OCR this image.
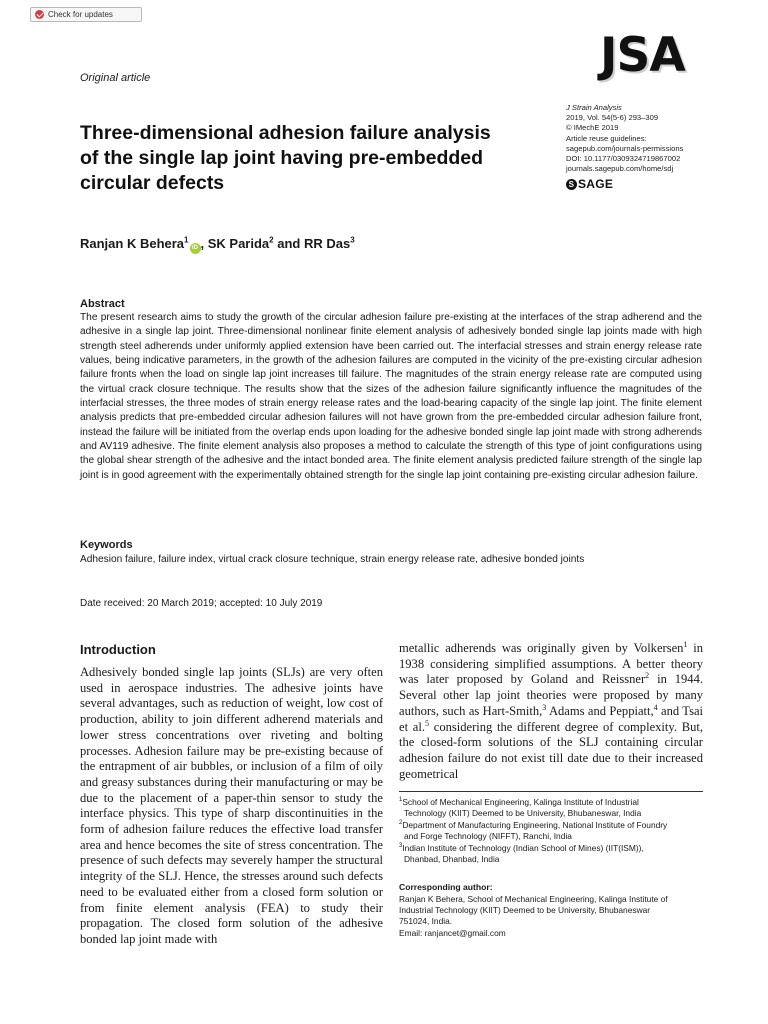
Check for updates
Original article	JSA
J Strain Analysis
2019, Vol. 54(5-6) 293–309
© IMechE 2019
Article reuse guidelines:
sagepub.com/journals-permissions
DOI: 10.1177/0309324719867002
journals.sagepub.com/home/sdj
S SAGE
Three-dimensional adhesion failure analysis of the single lap joint having pre-embedded circular defects
Ranjan K Behera$^1$iD , SK Parida$^2$ and RR Das$^3$
Abstract

The present research aims to study the growth of the circular adhesion failure pre-existing at the interfaces of the strap adherend and the adhesive in a single lap joint. Three-dimensional nonlinear finite element analysis of adhesively bonded single lap joints made with high strength steel adherends under uniformly applied extension have been carried out. The interfacial stresses and strain energy release rate values, being indicative parameters, in the growth of the adhesion failures are computed in the vicinity of the pre-existing circular adhesion failure fronts when the load on single lap joint increases till failure. The magnitudes of the strain energy release rate are computed using the virtual crack closure technique. The results show that the sizes of the adhesion failure significantly influence the magnitudes of the interfacial stresses, the three modes of strain energy release rates and the load-bearing capacity of the single lap joint. The finite element analysis predicts that pre-embedded circular adhesion failures will not have grown from the pre-embedded circular adhesion failure front, instead the failure will be initiated from the overlap ends upon loading for the adhesive bonded single lap joint made with strong adherends and AV119 adhesive. The finite element analysis also proposes a method to calculate the strength of this type of joint configurations using the global shear strength of the adhesive and the intact bonded area. The finite element analysis predicted failure strength of the single lap joint is in good agreement with the experimentally obtained strength for the single lap joint containing pre-existing circular adhesion failure.

Keywords
Adhesion failure, failure index, virtual crack closure technique, strain energy release rate, adhesive bonded joints
Date received: 20 March 2019; accepted: 10 July 2019
Introduction

Adhesively bonded single lap joints (SLJs) are very often used in aerospace industries. The adhesive joints have several advantages, such as reduction of weight, low cost of production, ability to join different adherend materials and lower stress concentrations over riveting and bolting processes. Adhesion failure may be pre-existing because of the entrapment of air bubbles, or inclusion of a film of oily and greasy substances during their manufacturing or may be due to the placement of a paper-thin sensor to study the interface physics. This type of sharp discontinuities in the form of adhesion failure reduces the effective load transfer area and hence becomes the site of stress concentration. The presence of such defects may severely hamper the structural integrity of the SLJ. Hence, the stresses around such defects need to be evaluated either from a closed form solution or from finite element analysis (FEA) to study their propagation. The closed form solution of the adhesive bonded lap joint made with

metallic adherends was originally given by Volkersen$^1$ in 1938 considering simplified assumptions. A better theory was later proposed by Goland and Reissner$^2$ in 1944. Several other lap joint theories were proposed by many authors, such as Hart-Smith,$^3$ Adams and Peppiatt,$^4$ and Tsai et al.$^5$ considering the different degree of complexity. But, the closed-form solutions of the SLJ containing circular adhesion failure do not exist till date due to their increased geometrical

$^1$School of Mechanical Engineering, Kalinga Institute of Industrial
Technology (KIIT) Deemed to be University, Bhubaneswar, India
$^2$Department of Manufacturing Engineering, National Institute of Foundry
and Forge Technology (NIFFT), Ranchi, India
$^3$Indian Institute of Technology (Indian School of Mines) (IIT(ISM)),
Dhanbad, Dhanbad, India
Corresponding author:
Ranjan K Behera, School of Mechanical Engineering, Kalinga Institute of
Industrial Technology (KIIT) Deemed to be University, Bhubaneswar
751024, India.
Email: ranjancet@gmail.com
